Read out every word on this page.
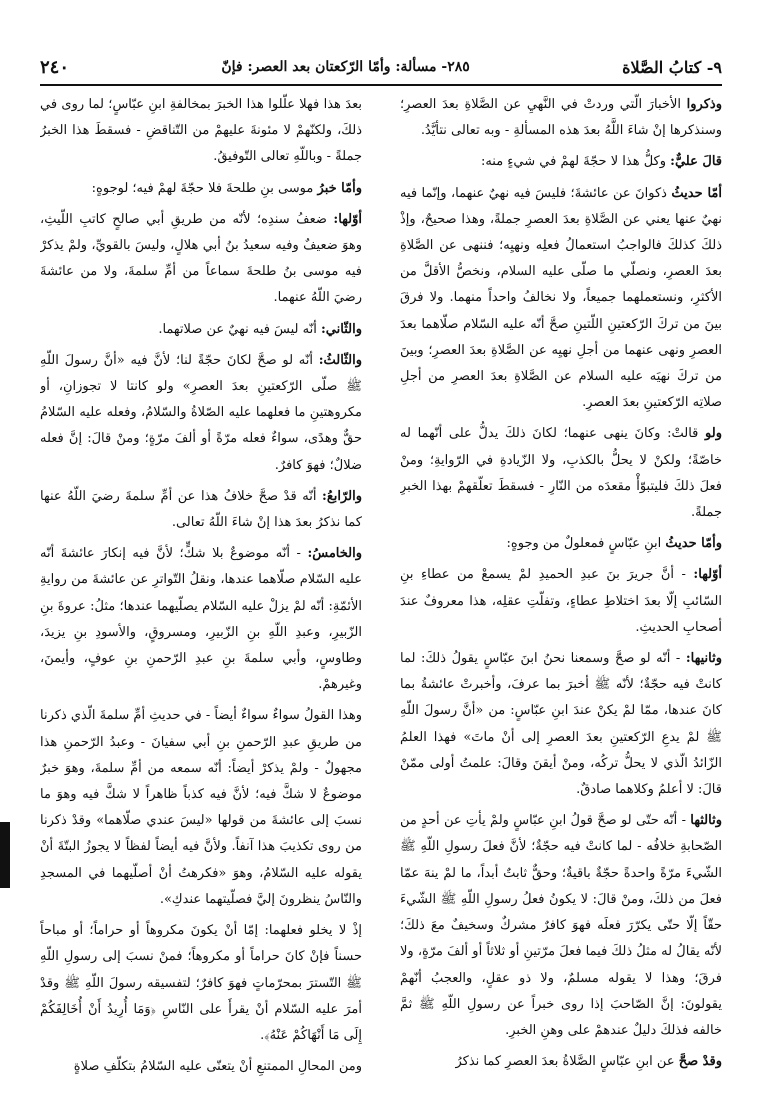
٩- كتابُ الصَّلاة
٢٨٥- مسألة: وأمّا الرّكعتان بعد العصر: فإنّ
٢٤٠

وذكروا الأخبارَ الّتي وردتْ في النَّهيِ عن الصَّلاةِ بعدَ العصرِ؛ وسنذكرها إنْ شاءَ اللَّهُ بعدَ هذه المسألةِ - وبه تعالى نتأيَّدُ.

قالَ عليٌّ: وكلُّ هذا لا حجّةَ لهمْ في شيءٍ منه:

أمّا حديثُ ذكوانَ عن عائشةَ؛ فليسَ فيه نهيٌ عنهما، وإنّما فيه نهيٌ عنها يعني عن الصَّلاةِ بعدَ العصرِ جملةً، وهذا صحيحٌ، وإذْ ذلكَ كذلكَ فالواجبُ استعمالُ فعلِه ونهيِه؛ فننهى عن الصَّلاةِ بعدَ العصرِ، ونصلّي ما صلّى عليه السلام، ونخصُّ الأقلَّ من الأكثرِ، ونستعملهما جميعاً، ولا نخالفُ واحداً منهما. ولا فرقَ بينَ من تركَ الرّكعتينِ اللّتينِ صحَّ أنّه عليه السّلام صلّاهما بعدَ العصرِ ونهى عنهما من أجلِ نهيِه عن الصَّلاةِ بعدَ العصرِ؛ وبينَ من تركَ نهيَه عليه السلام عن الصَّلاةِ بعدَ العصرِ من أجلِ صلاتِه الرّكعتينِ بعدَ العصرِ.

ولو قالتْ: وكانَ ينهى عنهما؛ لكانَ ذلكَ يدلُّ على أنّهما له خاصّةً؛ ولكنْ لا يحلُّ بالكذبِ، ولا الزّيادةِ في الرّوايةِ؛ ومنْ فعلَ ذلكَ فليتبوّأْ مقعدَه من النّارِ - فسقطَ تعلّقهمْ بهذا الخبرِ جملةً.

وأمّا حديثُ ابنِ عبّاسٍ فمعلولٌ من وجوهٍ:

أوّلها: - أنَّ جريرَ بنَ عبدِ الحميدِ لمْ يسمعْ من عطاءِ بنِ السّائبِ إلّا بعدَ اختلاطِ عطاءٍ، وتفلّتِ عقلِه، هذا معروفٌ عندَ أصحابِ الحديثِ.

وثانيها: - أنّه لو صحَّ وسمعنا نحنُ ابنَ عبّاسٍ يقولُ ذلكَ: لما كانتْ فيه حجّةٌ؛ لأنّه ﷺ أخبرَ بما عرفَ، وأخبرتْ عائشةُ بما كانَ عندها، ممّا لمْ يكنْ عندَ ابنِ عبّاسٍ: من «أنَّ رسولَ اللّهِ ﷺ لمْ يدعِ الرّكعتينِ بعدَ العصرِ إلى أنْ ماتَ» فهذا العلمُ الزّائدُ الّذي لا يحلُّ تركُه، ومنْ أيقنَ وقالَ: علمتُ أولى ممّنْ قالَ: لا أعلمُ وكلاهما صادقٌ.

وثالثها - أنّه حتّى لو صحَّ قولُ ابنِ عبّاسٍ ولمْ يأتِ عن أحدٍ من الصّحابةِ خلافُه - لما كانتْ فيه حجّةٌ؛ لأنَّ فعلَ رسولِ اللّهِ ﷺ الشّيءَ مرّةً واحدةً حجّةٌ باقيةٌ؛ وحقٌّ ثابتٌ أبداً، ما لمْ ينهَ عمّا فعلَ من ذلكَ، ومنْ قالَ: لا يكونُ فعلُ رسولِ اللّهِ ﷺ الشّيءَ حقّاً إلّا حتّى يكرّرَ فعلَه فهوَ كافرٌ مشركٌ وسخيفٌ معَ ذلكَ؛ لأنّه يقالُ له مثلُ ذلكَ فيما فعلَ مرّتينِ أو ثلاثاً أو ألفَ مرّةٍ، ولا فرقَ؛ وهذا لا يقوله مسلمٌ، ولا ذو عقلٍ، والعجبُ أنّهمْ يقولونَ: إنَّ الصّاحبَ إذا روى خبراً عن رسولِ اللّهِ ﷺ ثمَّ خالفه فذلكَ دليلٌ عندهمْ على وهنِ الخبرِ.

وقدْ صحَّ عن ابنِ عبّاسٍ الصَّلاةُ بعدَ العصرِ كما نذكرُ

بعدَ هذا فهلا علّلوا هذا الخبرَ بمخالفةِ ابنِ عبّاسٍ؛ لما روى في ذلكَ، ولكنّهمْ لا مئونةَ عليهمْ من التّناقضِ - فسقطَ هذا الخبرُ جملةً - وباللّهِ تعالى التّوفيقُ.

وأمّا خبرُ موسى بنِ طلحةَ فلا حجّةَ لهمْ فيه؛ لوجوهٍ:

أوّلها: ضعفُ سندِه؛ لأنّه من طريقِ أبي صالحٍ كاتبِ اللّيثِ، وهوَ ضعيفٌ وفيه سعيدُ بنُ أبي هلالٍ، وليسَ بالقويِّ، ولمْ يذكرْ فيه موسى بنُ طلحةَ سماعاً من أمِّ سلمةَ، ولا من عائشةَ رضيَ اللّهُ عنهما.

والثّاني: أنّه ليسَ فيه نهيٌ عن صلاتهما.

والثّالثُ: أنّه لو صحَّ لكانَ حجّةً لنا؛ لأنَّ فيه «أنَّ رسولَ اللّهِ ﷺ صلّى الرّكعتينِ بعدَ العصرِ» ولو كانتا لا تجوزانِ، أو مكروهتينِ ما فعلهما عليه الصّلاةُ والسّلامُ، وفعله عليه السّلامُ حقٌّ وهدًى، سواءٌ فعله مرّةً أو ألفَ مرّةٍ؛ ومنْ قالَ: إنَّ فعله ضلالٌ؛ فهوَ كافرٌ.

والرّابعُ: أنّه قدْ صحَّ خلافُ هذا عن أمِّ سلمةَ رضيَ اللّهُ عنها كما نذكرُ بعدَ هذا إنْ شاءَ اللّهُ تعالى.

والخامسُ: - أنّه موضوعٌ بلا شكٍّ؛ لأنَّ فيه إنكارَ عائشةَ أنّه عليه السّلام صلّاهما عندها، ونقلُ التّواترِ عن عائشةَ من روايةِ الأئمّةِ: أنّه لمْ يزلْ عليه السّلام يصلّيهما عندها؛ مثلُ: عروةَ بنِ الزّبيرِ، وعبدِ اللّهِ بنِ الزّبيرِ، ومسروقٍ، والأسودِ بنِ يزيدَ، وطاوسٍ، وأبي سلمةَ بنِ عبدِ الرّحمنِ بنِ عوفٍ، وأيمنَ، وغيرهمْ.

وهذا القولُ سواءٌ سواءٌ أيضاً - في حديثِ أمِّ سلمةَ الّذي ذكرنا من طريقِ عبدِ الرّحمنِ بنِ أبي سفيانَ - وعبدُ الرّحمنِ هذا مجهولٌ - ولمْ يذكرْ أيضاً: أنّه سمعه من أمِّ سلمةَ، وهوَ خبرٌ موضوعٌ لا شكَّ فيه؛ لأنَّ فيه كذباً ظاهراً لا شكَّ فيه وهوَ ما نسبَ إلى عائشةَ من قولها «ليسَ عندي صلّاهما» وقدْ ذكرنا من روى تكذيبَ هذا آنفاً. ولأنَّ فيه أيضاً لفظاً لا يجوزُ البتّةَ أنْ يقوله عليه السّلامُ، وهوَ «فكرهتُ أنْ أصلّيهما في المسجدِ والنّاسُ ينظرونَ إليَّ فصلّيتهما عندكِ».

إذْ لا يخلو فعلهما: إمّا أنْ يكونَ مكروهاً أو حراماً؛ أو مباحاً حسناً فإنْ كانَ حراماً أو مكروهاً؛ فمنْ نسبَ إلى رسولِ اللّهِ ﷺ التّسترَ بمحرّماتٍ فهوَ كافرٌ؛ لتفسيقه رسولَ اللّهِ ﷺ وقدْ أمرَ عليه السّلام أنْ يقرأَ على النّاسِ ﴿وَمَا أُرِيدُ أَنْ أُخَالِفَكُمْ إِلَى مَا أَنْهَاكُمْ عَنْهُ﴾.

ومن المحالِ الممتنعِ أنْ يتعنّى عليه السّلامُ بتكلّفِ صلاةٍ
